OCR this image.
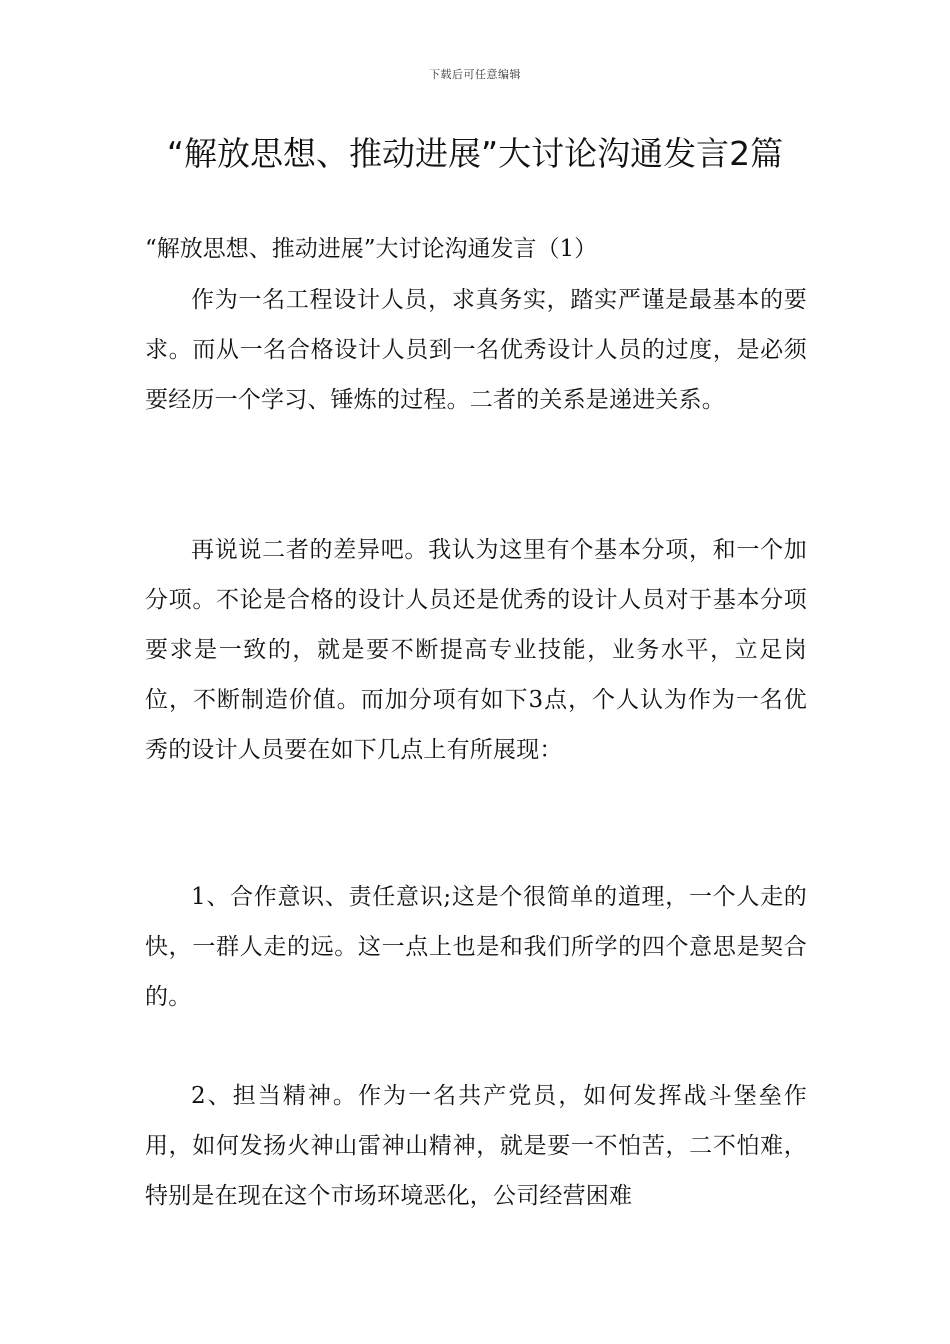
下载后可任意编辑
“解放思想、推动进展”大讨论沟通发言2篇
“解放思想、推动进展”大讨论沟通发言（1）

作为一名工程设计人员，求真务实，踏实严谨是最基本的要求。而从一名合格设计人员到一名优秀设计人员的过度，是必须要经历一个学习、锤炼的过程。二者的关系是递进关系。

再说说二者的差异吧。我认为这里有个基本分项，和一个加分项。不论是合格的设计人员还是优秀的设计人员对于基本分项要求是一致的，就是要不断提高专业技能，业务水平，立足岗位，不断制造价值。而加分项有如下3点，个人认为作为一名优秀的设计人员要在如下几点上有所展现：

1、合作意识、责任意识;这是个很简单的道理，一个人走的快，一群人走的远。这一点上也是和我们所学的四个意思是契合的。

2、担当精神。作为一名共产党员，如何发挥战斗堡垒作用，如何发扬火神山雷神山精神，就是要一不怕苦，二不怕难，特别是在现在这个市场环境恶化，公司经营困难
